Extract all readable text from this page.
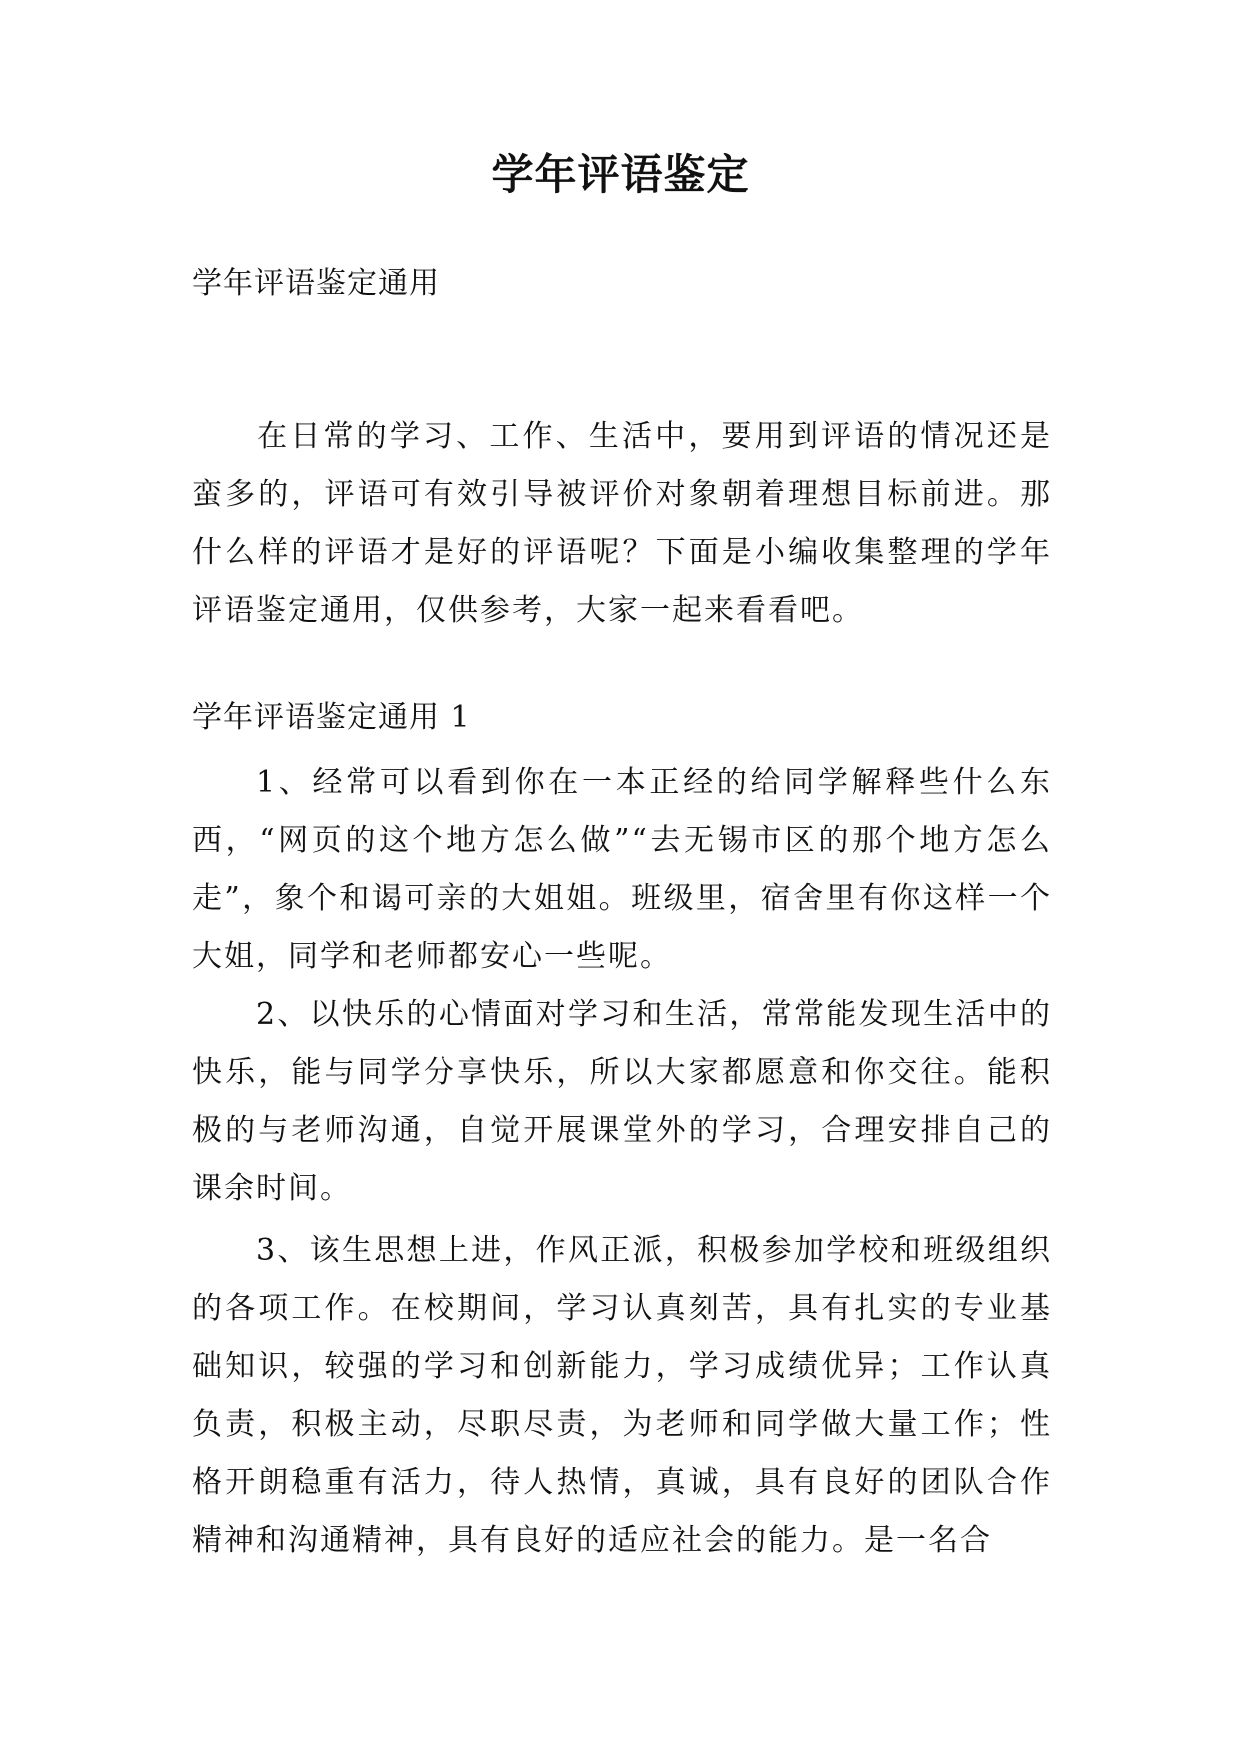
学年评语鉴定

学年评语鉴定通用

在日常的学习、工作、生活中，要用到评语的情况还是蛮多的，评语可有效引导被评价对象朝着理想目标前进。那什么样的评语才是好的评语呢？下面是小编收集整理的学年评语鉴定通用，仅供参考，大家一起来看看吧。

学年评语鉴定通用 1

1、经常可以看到你在一本正经的给同学解释些什么东西，“网页的这个地方怎么做”“去无锡市区的那个地方怎么走”，象个和谒可亲的大姐姐。班级里，宿舍里有你这样一个大姐，同学和老师都安心一些呢。

2、以快乐的心情面对学习和生活，常常能发现生活中的快乐，能与同学分享快乐，所以大家都愿意和你交往。能积极的与老师沟通，自觉开展课堂外的学习，合理安排自己的课余时间。

3、该生思想上进，作风正派，积极参加学校和班级组织的各项工作。在校期间，学习认真刻苦，具有扎实的专业基础知识，较强的学习和创新能力，学习成绩优异；工作认真负责，积极主动，尽职尽责，为老师和同学做大量工作；性格开朗稳重有活力，待人热情，真诚，具有良好的团队合作精神和沟通精神，具有良好的适应社会的能力。是一名合
